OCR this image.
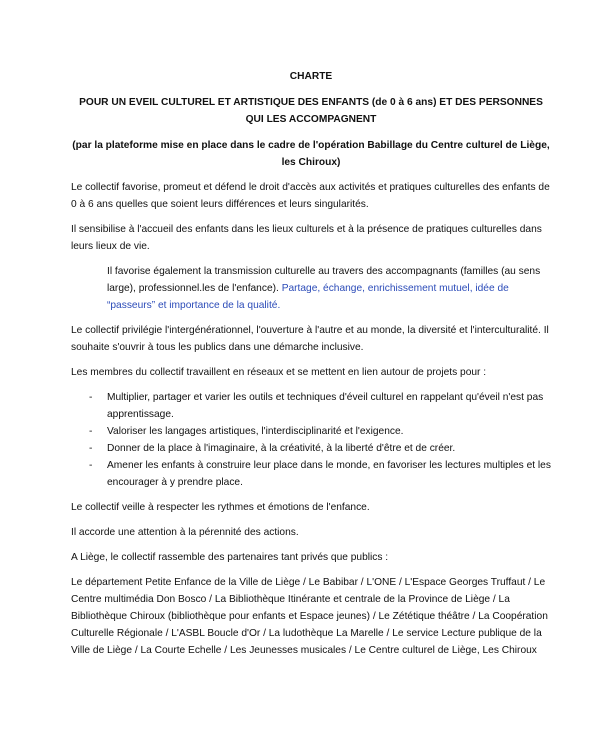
CHARTE
POUR UN EVEIL CULTUREL ET ARTISTIQUE DES ENFANTS (de 0 à 6 ans) ET DES PERSONNES QUI LES ACCOMPAGNENT
(par la plateforme mise en place dans le cadre de l'opération Babillage du Centre culturel de Liège, les Chiroux)

Le collectif favorise, promeut et défend le droit d'accès aux activités et pratiques culturelles des enfants de 0 à 6 ans quelles que soient leurs différences et leurs singularités.

Il sensibilise à l'accueil des enfants dans les lieux culturels et à la présence de pratiques culturelles dans leurs lieux de vie.

Il favorise également la transmission culturelle au travers des accompagnants (familles (au sens large), professionnel.les de l'enfance). Partage, échange, enrichissement mutuel, idée de “passeurs” et importance de la qualité.

Le collectif privilégie l'intergénérationnel, l'ouverture à l'autre et au monde, la diversité et l'interculturalité. Il souhaite s'ouvrir à tous les publics dans une démarche inclusive.

Les membres du collectif travaillent en réseaux et se mettent en lien autour de projets pour :

- Multiplier, partager et varier les outils et techniques d'éveil culturel en rappelant qu'éveil n'est pas apprentissage.
- Valoriser les langages artistiques, l'interdisciplinarité et l'exigence.
- Donner de la place à l'imaginaire, à la créativité, à la liberté d'être et de créer.
- Amener les enfants à construire leur place dans le monde, en favoriser les lectures multiples et les encourager à y prendre place.

Le collectif veille à respecter les rythmes et émotions de l'enfance.

Il accorde une attention à la pérennité des actions.

A Liège, le collectif rassemble des partenaires tant privés que publics :

Le département Petite Enfance de la Ville de Liège / Le Babibar / L'ONE / L'Espace Georges Truffaut / Le Centre multimédia Don Bosco / La Bibliothèque Itinérante et centrale de la Province de Liège / La Bibliothèque Chiroux (bibliothèque pour enfants et Espace jeunes) / Le Zététique théâtre / La Coopération Culturelle Régionale / L'ASBL Boucle d'Or / La ludothèque La Marelle / Le service Lecture publique de la Ville de Liège / La Courte Echelle / Les Jeunesses musicales / Le Centre culturel de Liège, Les Chiroux
